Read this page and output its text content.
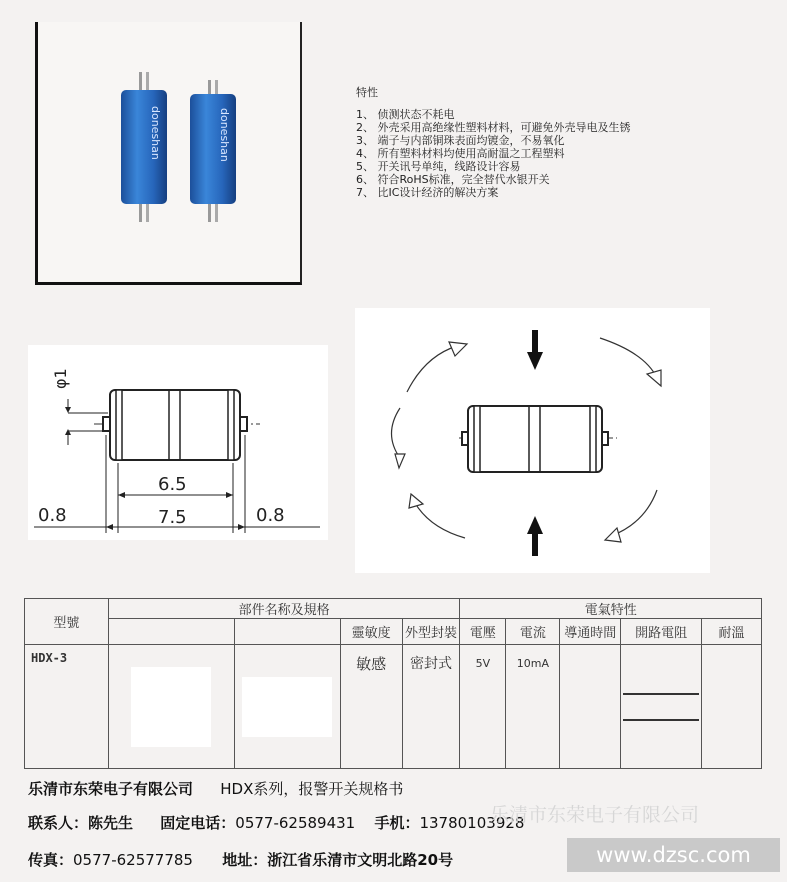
doneshan	doneshan
特性
1、 侦测状态不耗电
2、 外壳采用高绝缘性塑料材料，可避免外壳导电及生锈
3、 端子与内部铜珠表面均镀金，不易氧化
4、 所有塑料材料均使用高耐温之工程塑料
5、 开关讯号单纯，线路设计容易
6、 符合RoHS标准，完全替代水银开关
7、 比IC设计经济的解决方案
φ1
6.5
7.5
0.8	0.8
型號	部件名称及規格				電氣特性				
			靈敏度	外型封裝	電壓	電流	導通時間	開路電阻	耐溫
HDX-3			敏感	密封式	5V	10mA		

乐清市东荣电子有限公司 HDX系列，报警开关规格书
联系人：陈先生 固定电话：0577-62589431 手机：13780103928
传真：0577-62577785 地址：浙江省乐清市文明北路20号
乐清市东荣电子有限公司
www.dzsc.com
